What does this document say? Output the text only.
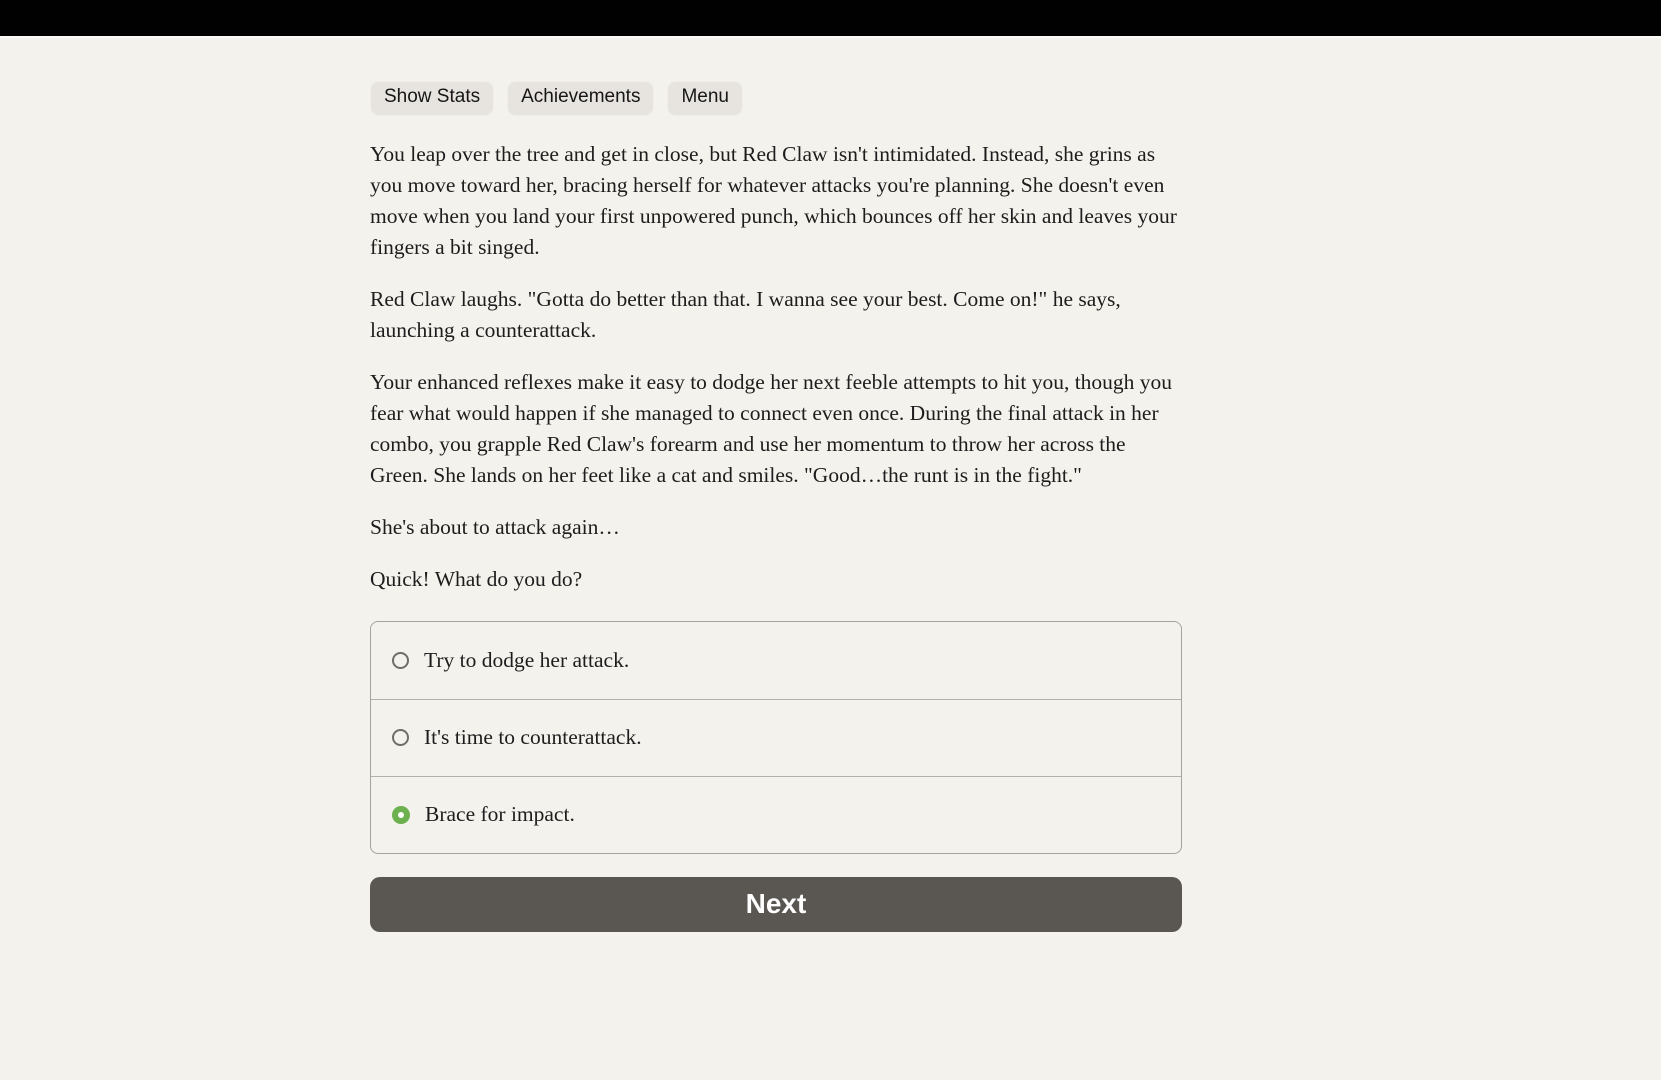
Show Stats	Achievements	Menu

You leap over the tree and get in close, but Red Claw isn't intimidated. Instead, she grins as you move toward her, bracing herself for whatever attacks you're planning. She doesn't even move when you land your first unpowered punch, which bounces off her skin and leaves your fingers a bit singed.

Red Claw laughs. "Gotta do better than that. I wanna see your best. Come on!" he says, launching a counterattack.

Your enhanced reflexes make it easy to dodge her next feeble attempts to hit you, though you fear what would happen if she managed to connect even once. During the final attack in her combo, you grapple Red Claw's forearm and use her momentum to throw her across the Green. She lands on her feet like a cat and smiles. "Good…the runt is in the fight."

She's about to attack again…

Quick! What do you do?

Try to dodge her attack.
It's time to counterattack.
Brace for impact.
Next
